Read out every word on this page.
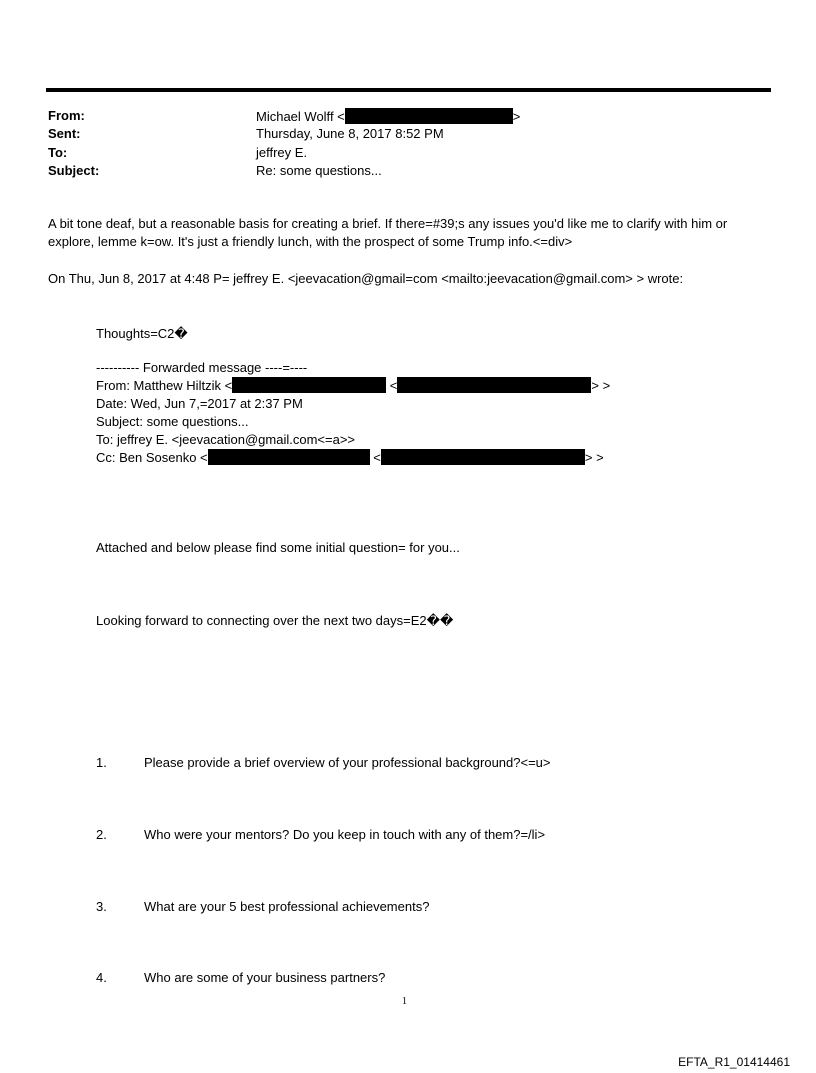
From:	Michael Wolff <	>
Sent:	Thursday, June 8, 2017 8:52 PM
To:	jeffrey E.
Subject:	Re: some questions...
A bit tone deaf, but a reasonable basis for creating a brief. If there=#39;s any issues you'd like me to clarify with him or explore, lemme k=ow. It's just a friendly lunch, with the prospect of some Trump info.<=div>
On Thu, Jun 8, 2017 at 4:48 P= jeffrey E. <jeevacation@gmail=com <mailto:jeevacation@gmail.com> > wrote:
Thoughts=C2�
---------- Forwarded message ----=----
From: Matthew Hiltzik <	<	> >
Date: Wed, Jun 7,=2017 at 2:37 PM
Subject: some questions...
To: jeffrey E. <jeevacation@gmail.com<=a>>
Cc: Ben Sosenko <	<	> >
Attached and below please find some initial question= for you...
Looking forward to connecting over the next two days=E2��
1.	Please provide a brief overview of your professional background?<=u>
2.	Who were your mentors? Do you keep in touch with any of them?=/li>
3.	What are your 5 best professional achievements?
4.	Who are some of your business partners?
1
EFTA_R1_01414461
